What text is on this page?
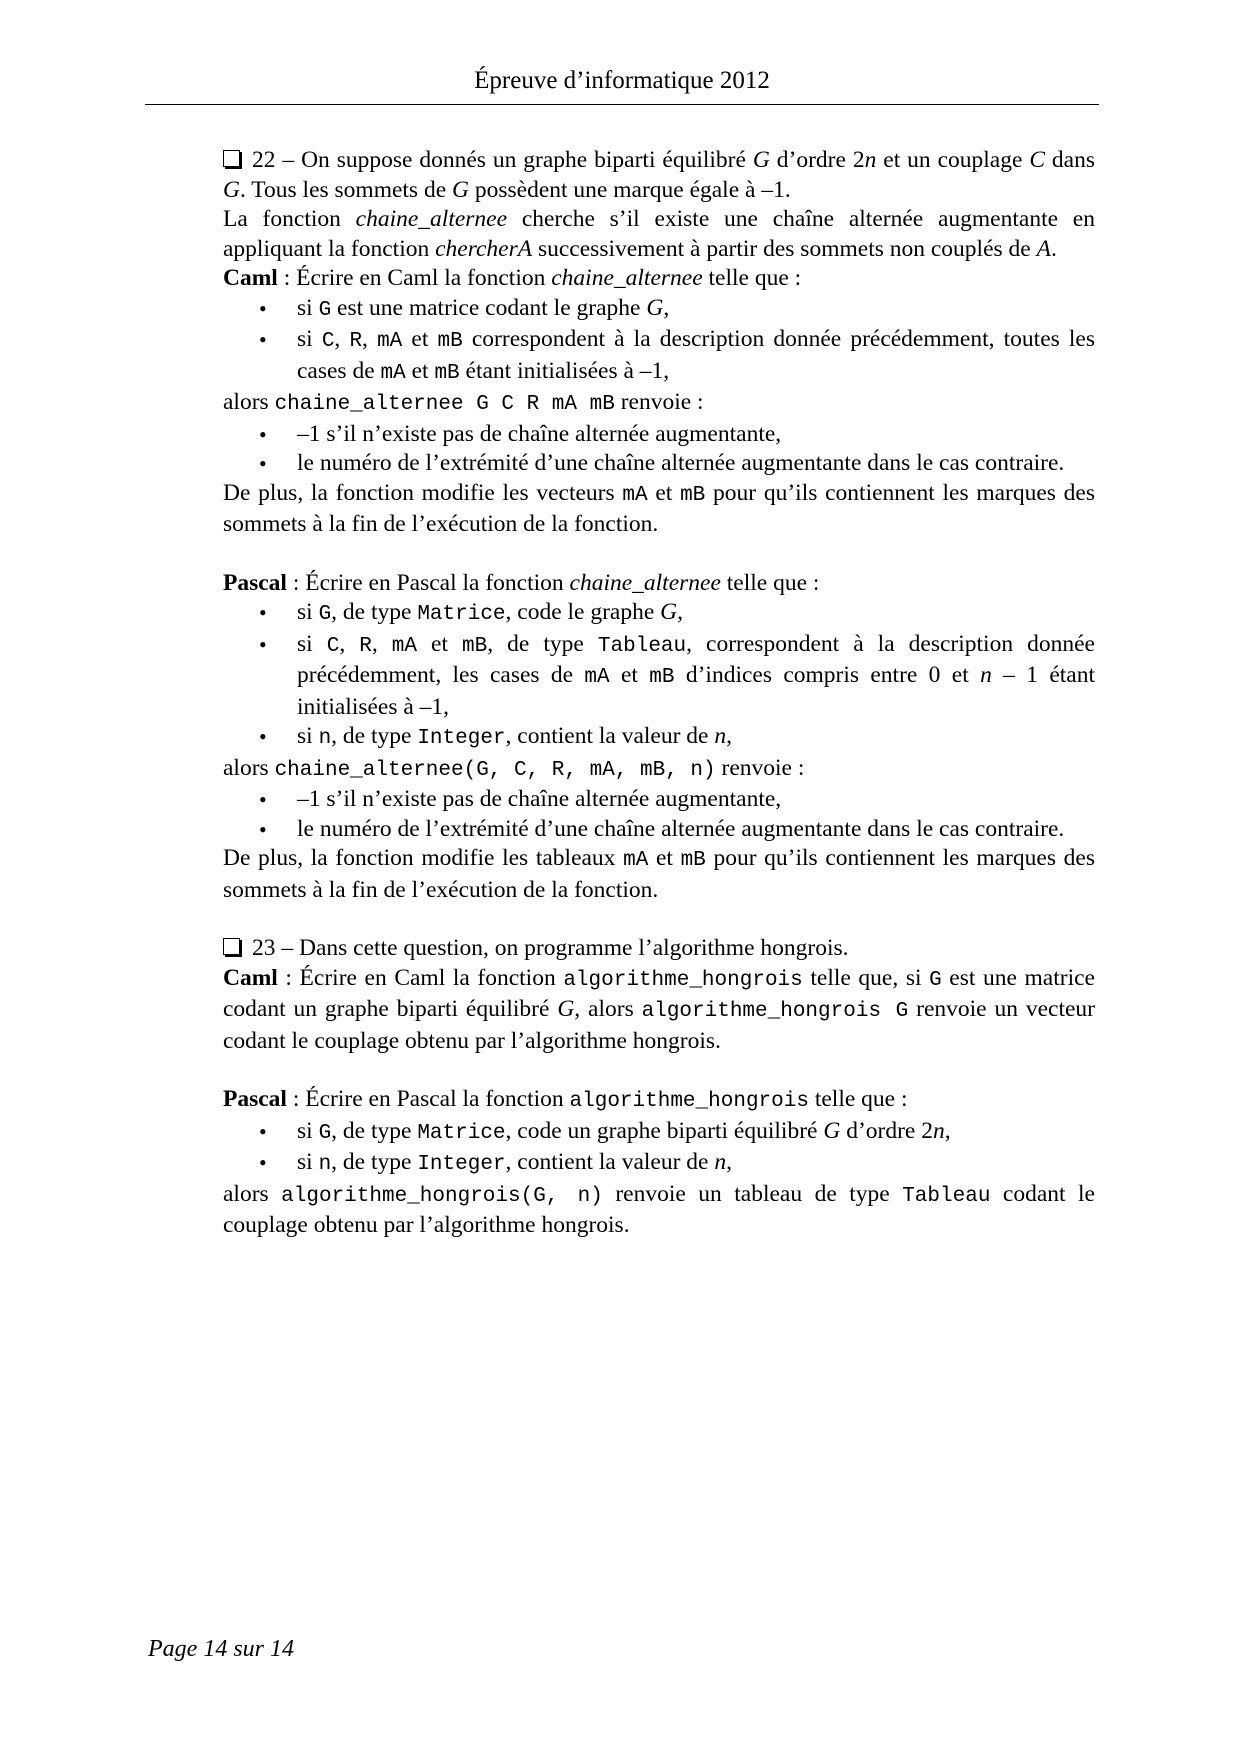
Épreuve d’informatique 2012

22 – On suppose donnés un graphe biparti équilibré G d’ordre 2n et un couplage C dans G. Tous les sommets de G possèdent une marque égale à –1.

La fonction chaine_alternee cherche s’il existe une chaîne alternée augmentante en appliquant la fonction chercherA successivement à partir des sommets non couplés de A.

Caml : Écrire en Caml la fonction chaine_alternee telle que :

• si G est une matrice codant le graphe G,
• si C, R, mA et mB correspondent à la description donnée précédemment, toutes les cases de mA et mB étant initialisées à –1,

alors chaine_alternee G C R mA mB renvoie :

• –1 s’il n’existe pas de chaîne alternée augmentante,
• le numéro de l’extrémité d’une chaîne alternée augmentante dans le cas contraire.

De plus, la fonction modifie les vecteurs mA et mB pour qu’ils contiennent les marques des sommets à la fin de l’exécution de la fonction.

Pascal : Écrire en Pascal la fonction chaine_alternee telle que :

• si G, de type Matrice, code le graphe G,
• si C, R, mA et mB, de type Tableau, correspondent à la description donnée précédemment, les cases de mA et mB d’indices compris entre 0 et n – 1 étant initialisées à –1,
• si n, de type Integer, contient la valeur de n,

alors chaine_alternee(G, C, R, mA, mB, n) renvoie :

• –1 s’il n’existe pas de chaîne alternée augmentante,
• le numéro de l’extrémité d’une chaîne alternée augmentante dans le cas contraire.

De plus, la fonction modifie les tableaux mA et mB pour qu’ils contiennent les marques des sommets à la fin de l’exécution de la fonction.

23 – Dans cette question, on programme l’algorithme hongrois.

Caml : Écrire en Caml la fonction algorithme_hongrois telle que, si G est une matrice codant un graphe biparti équilibré G, alors algorithme_hongrois G renvoie un vecteur codant le couplage obtenu par l’algorithme hongrois.

Pascal : Écrire en Pascal la fonction algorithme_hongrois telle que :

• si G, de type Matrice, code un graphe biparti équilibré G d’ordre 2n,
• si n, de type Integer, contient la valeur de n,

alors algorithme_hongrois(G, n) renvoie un tableau de type Tableau codant le couplage obtenu par l’algorithme hongrois.

Page 14 sur 14
